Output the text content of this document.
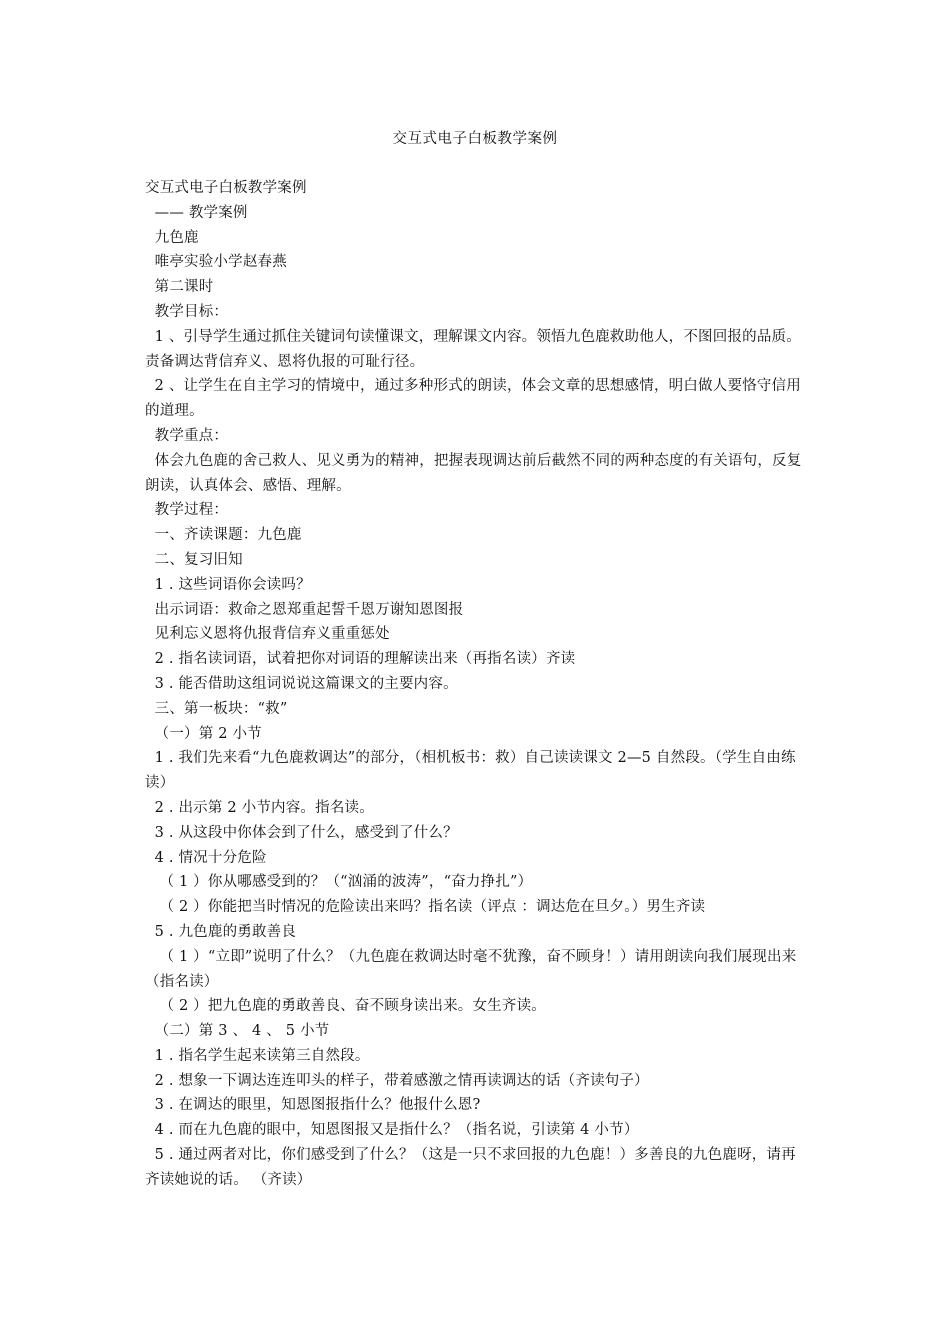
交互式电子白板教学案例

交互式电子白板教学案例

—— 教学案例

九色鹿

唯亭实验小学赵春燕

第二课时

教学目标：

1 、引导学生通过抓住关键词句读懂课文，理解课文内容。领悟九色鹿救助他人，不图回报的品质。责备调达背信弃义、恩将仇报的可耻行径。

2 、让学生在自主学习的情境中，通过多种形式的朗读，体会文章的思想感情，明白做人要恪守信用的道理。

教学重点：

体会九色鹿的舍己救人、见义勇为的精神，把握表现调达前后截然不同的两种态度的有关语句，反复朗读，认真体会、感悟、理解。

教学过程：

一、齐读课题：九色鹿

二、复习旧知

1 . 这些词语你会读吗？

出示词语：救命之恩郑重起誓千恩万谢知恩图报

见利忘义恩将仇报背信弃义重重惩处

2 . 指名读词语，试着把你对词语的理解读出来（再指名读）齐读

3 . 能否借助这组词说说这篇课文的主要内容。

三、第一板块：“救”

（一）第 2 小节

1 . 我们先来看“九色鹿救调达”的部分，（相机板书：救）自己读读课文 2—5 自然段。（学生自由练读）

2 . 出示第 2 小节内容。指名读。

3 . 从这段中你体会到了什么，感受到了什么？

4 . 情况十分危险

（ 1 ）你从哪感受到的？（“汹涌的波涛”，“奋力挣扎”）

（ 2 ）你能把当时情况的危险读出来吗？指名读（评点 ：调达危在旦夕。）男生齐读

5 . 九色鹿的勇敢善良

（ 1 ）“立即”说明了什么？（九色鹿在救调达时毫不犹豫，奋不顾身！）请用朗读向我们展现出来（指名读）

（ 2 ）把九色鹿的勇敢善良、奋不顾身读出来。女生齐读。

（二）第 3 、 4 、 5 小节

1 . 指名学生起来读第三自然段。

2 . 想象一下调达连连叩头的样子，带着感激之情再读调达的话（齐读句子）

3 . 在调达的眼里，知恩图报指什么？他报什么恩?

4 . 而在九色鹿的眼中，知恩图报又是指什么？（指名说，引读第 4 小节）

5 . 通过两者对比，你们感受到了什么？（这是一只不求回报的九色鹿！）多善良的九色鹿呀，请再齐读她说的话。 （齐读）
